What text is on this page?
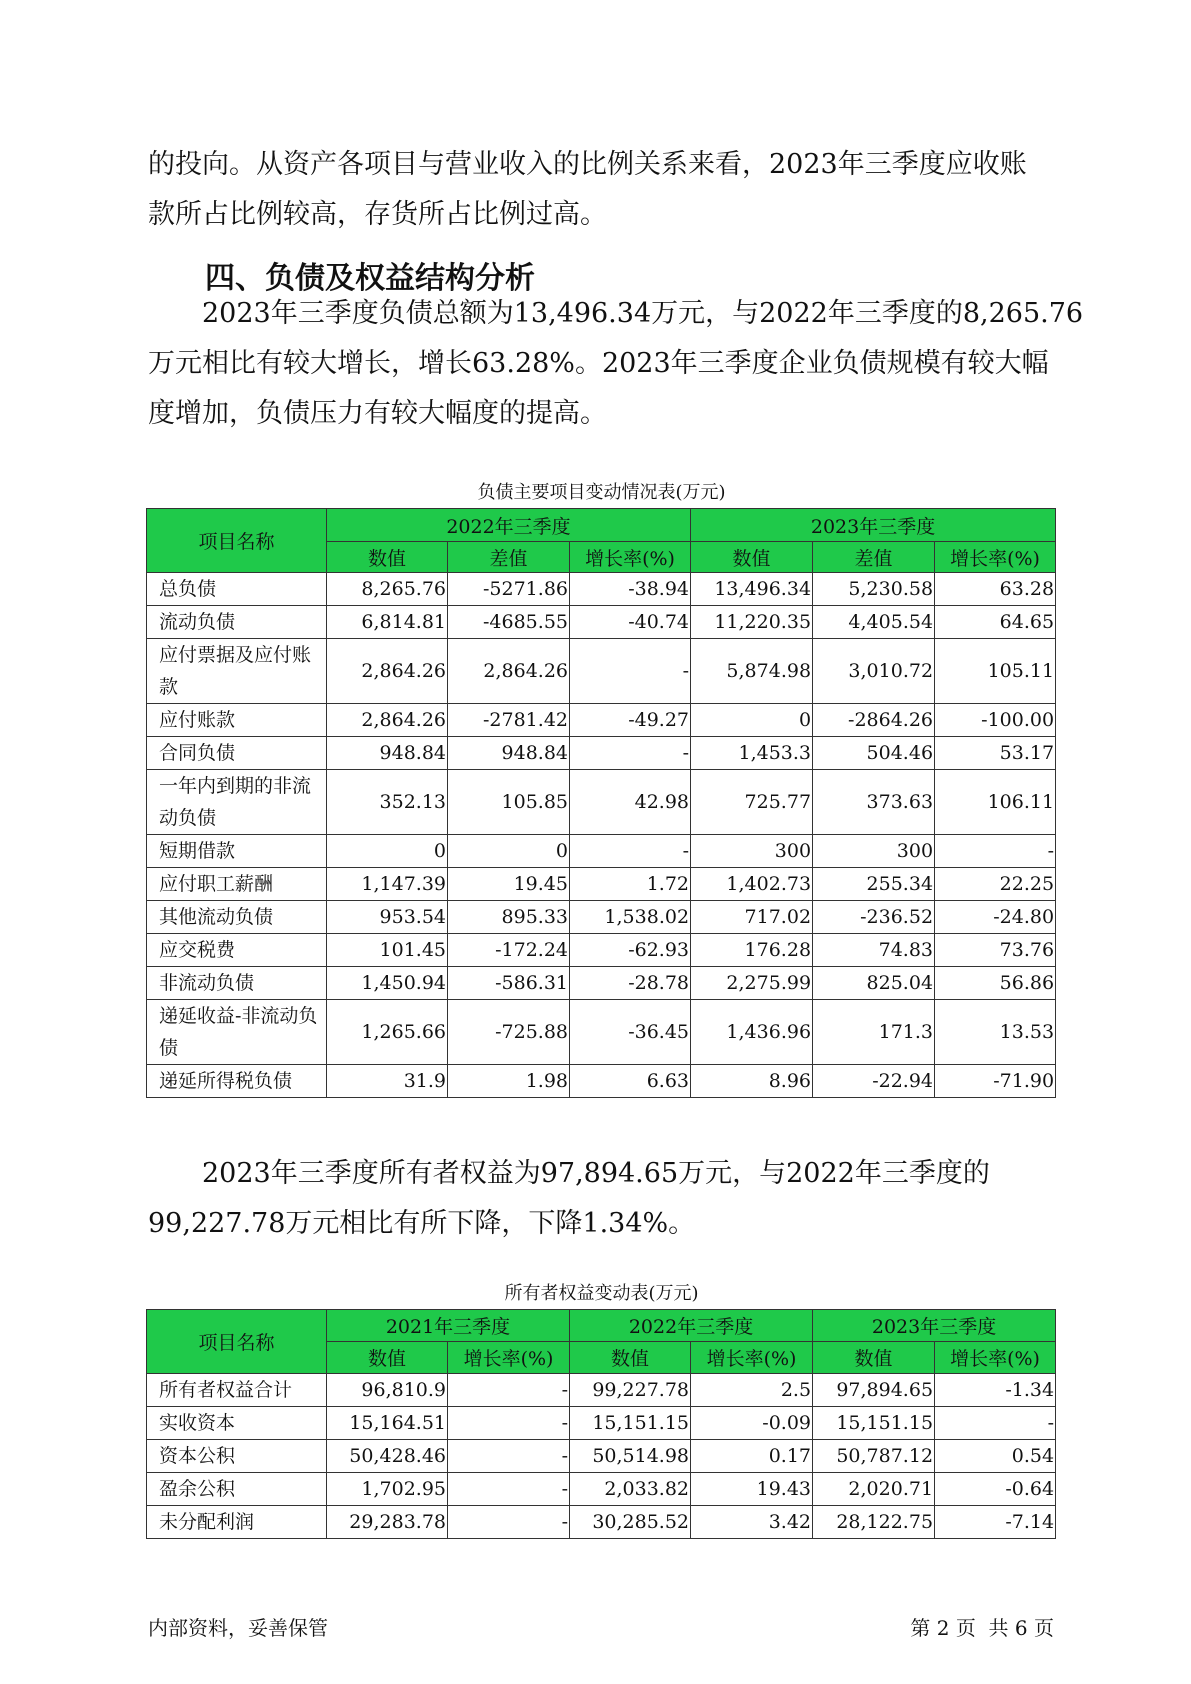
的投向。从资产各项目与营业收入的比例关系来看，2023年三季度应收账
款所占比例较高，存货所占比例过高。
四、负债及权益结构分析
2023年三季度负债总额为13,496.34万元，与2022年三季度的8,265.76
万元相比有较大增长，增长63.28%。2023年三季度企业负债规模有较大幅
度增加，负债压力有较大幅度的提高。

负债主要项目变动情况表(万元)

项目名称	2022年三季度			2023年三季度		
	数值	差值	增长率(%)	数值	差值	增长率(%)
总负债	8,265.76	-5271.86	-38.94	13,496.34	5,230.58	63.28
流动负债	6,814.81	-4685.55	-40.74	11,220.35	4,405.54	64.65
应付票据及应付账款	2,864.26	2,864.26	-	5,874.98	3,010.72	105.11
应付账款	2,864.26	-2781.42	-49.27	0	-2864.26	-100.00
合同负债	948.84	948.84	-	1,453.3	504.46	53.17
一年内到期的非流动负债	352.13	105.85	42.98	725.77	373.63	106.11
短期借款	0	0	-	300	300	-
应付职工薪酬	1,147.39	19.45	1.72	1,402.73	255.34	22.25
其他流动负债	953.54	895.33	1,538.02	717.02	-236.52	-24.80
应交税费	101.45	-172.24	-62.93	176.28	74.83	73.76
非流动负债	1,450.94	-586.31	-28.78	2,275.99	825.04	56.86
递延收益-非流动负债	1,265.66	-725.88	-36.45	1,436.96	171.3	13.53
递延所得税负债	31.9	1.98	6.63	8.96	-22.94	-71.90
2023年三季度所有者权益为97,894.65万元，与2022年三季度的
99,227.78万元相比有所下降，下降1.34%。

所有者权益变动表(万元)

项目名称	2021年三季度		2022年三季度		2023年三季度	
	数值	增长率(%)	数值	增长率(%)	数值	增长率(%)
所有者权益合计	96,810.9	-	99,227.78	2.5	97,894.65	-1.34
实收资本	15,164.51	-	15,151.15	-0.09	15,151.15	-
资本公积	50,428.46	-	50,514.98	0.17	50,787.12	0.54
盈余公积	1,702.95	-	2,033.82	19.43	2,020.71	-0.64
未分配利润	29,283.78	-	30,285.52	3.42	28,122.75	-7.14

内部资料，妥善保管	第 2 页  共 6 页
